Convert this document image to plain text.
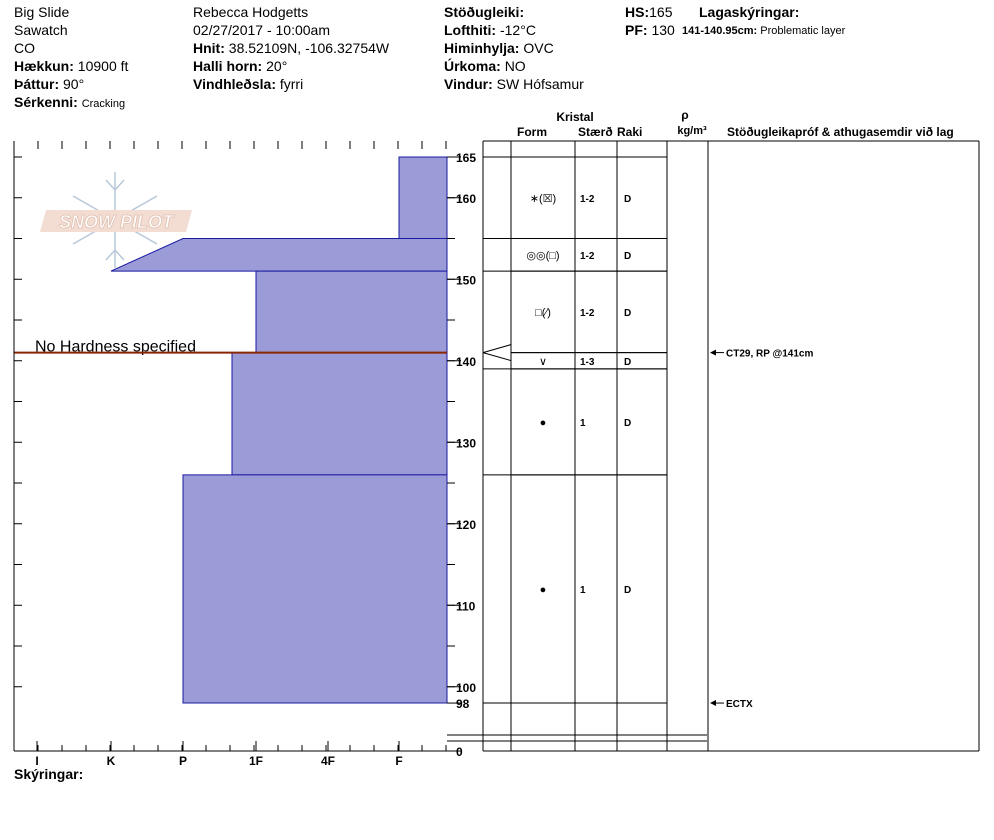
Big Slide
Sawatch
CO
Hækkun: 10900 ft
Þáttur: 90°
Sérkenni: Cracking
Rebecca Hodgetts
02/27/2017 - 10:00am
Hnit: 38.52109N, -106.32754W
Halli horn: 20°
Vindhleðsla: fyrri
Stöðugleiki:
Lofthiti: -12°C
Himinhylja: OVC
Úrkoma: NO
Vindur: SW Hófsamur
HS:165
PF: 130
Lagaskýringar:
141-140.95cm: Problematic layer
Skýringar:
SNOW PILOT
No Hardness specified
I	K	P	1F	4F	F
Kristal
Form	Stærð Raki
ρ
kg/m³ Stöðugleikapróf & athugasemdir við lag
∗(☒) 1-2	D
◎◎(□) 1-2	D
□(⁄)	1-2	D
∨	1-3	D
●	1	D
●	1	D
CT29, RP @141cm
ECTX
165
160
150
140
130
120
110
100
98
0
